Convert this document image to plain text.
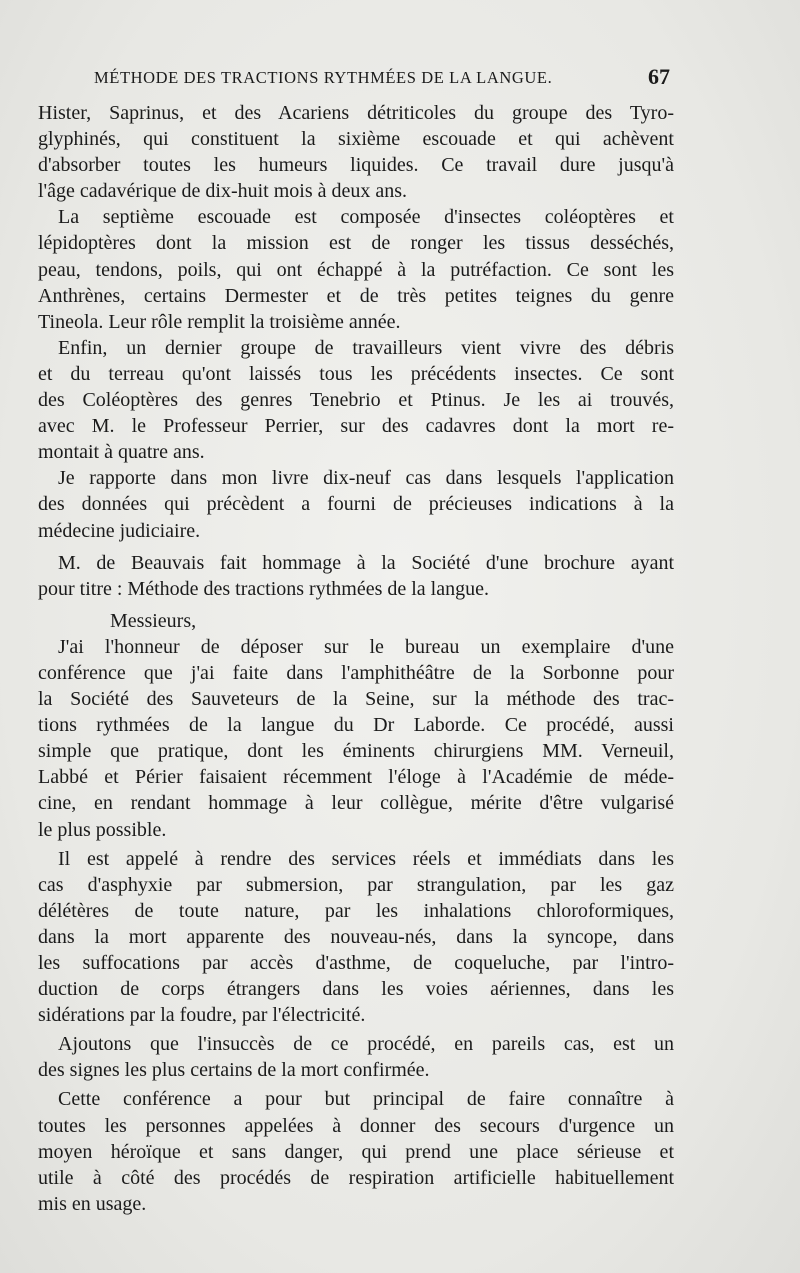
MÉTHODE DES TRACTIONS RYTHMÉES DE LA LANGUE.	67
Hister, Saprinus, et des Acariens détriticoles du groupe des Tyro-
glyphinés, qui constituent la sixième escouade et qui achèvent
d'absorber toutes les humeurs liquides. Ce travail dure jusqu'à
l'âge cadavérique de dix-huit mois à deux ans.
La septième escouade est composée d'insectes coléoptères et
lépidoptères dont la mission est de ronger les tissus desséchés,
peau, tendons, poils, qui ont échappé à la putréfaction. Ce sont les
Anthrènes, certains Dermester et de très petites teignes du genre
Tineola. Leur rôle remplit la troisième année.
Enfin, un dernier groupe de travailleurs vient vivre des débris
et du terreau qu'ont laissés tous les précédents insectes. Ce sont
des Coléoptères des genres Tenebrio et Ptinus. Je les ai trouvés,
avec M. le Professeur Perrier, sur des cadavres dont la mort re-
montait à quatre ans.
Je rapporte dans mon livre dix-neuf cas dans lesquels l'application
des données qui précèdent a fourni de précieuses indications à la
médecine judiciaire.
M. de Beauvais fait hommage à la Société d'une brochure ayant
pour titre : Méthode des tractions rythmées de la langue.
Messieurs,
J'ai l'honneur de déposer sur le bureau un exemplaire d'une
conférence que j'ai faite dans l'amphithéâtre de la Sorbonne pour
la Société des Sauveteurs de la Seine, sur la méthode des trac-
tions rythmées de la langue du Dr Laborde. Ce procédé, aussi
simple que pratique, dont les éminents chirurgiens MM. Verneuil,
Labbé et Périer faisaient récemment l'éloge à l'Académie de méde-
cine, en rendant hommage à leur collègue, mérite d'être vulgarisé
le plus possible.
Il est appelé à rendre des services réels et immédiats dans les
cas d'asphyxie par submersion, par strangulation, par les gaz
délétères de toute nature, par les inhalations chloroformiques,
dans la mort apparente des nouveau-nés, dans la syncope, dans
les suffocations par accès d'asthme, de coqueluche, par l'intro-
duction de corps étrangers dans les voies aériennes, dans les
sidérations par la foudre, par l'électricité.
Ajoutons que l'insuccès de ce procédé, en pareils cas, est un
des signes les plus certains de la mort confirmée.
Cette conférence a pour but principal de faire connaître à
toutes les personnes appelées à donner des secours d'urgence un
moyen héroïque et sans danger, qui prend une place sérieuse et
utile à côté des procédés de respiration artificielle habituellement
mis en usage.
